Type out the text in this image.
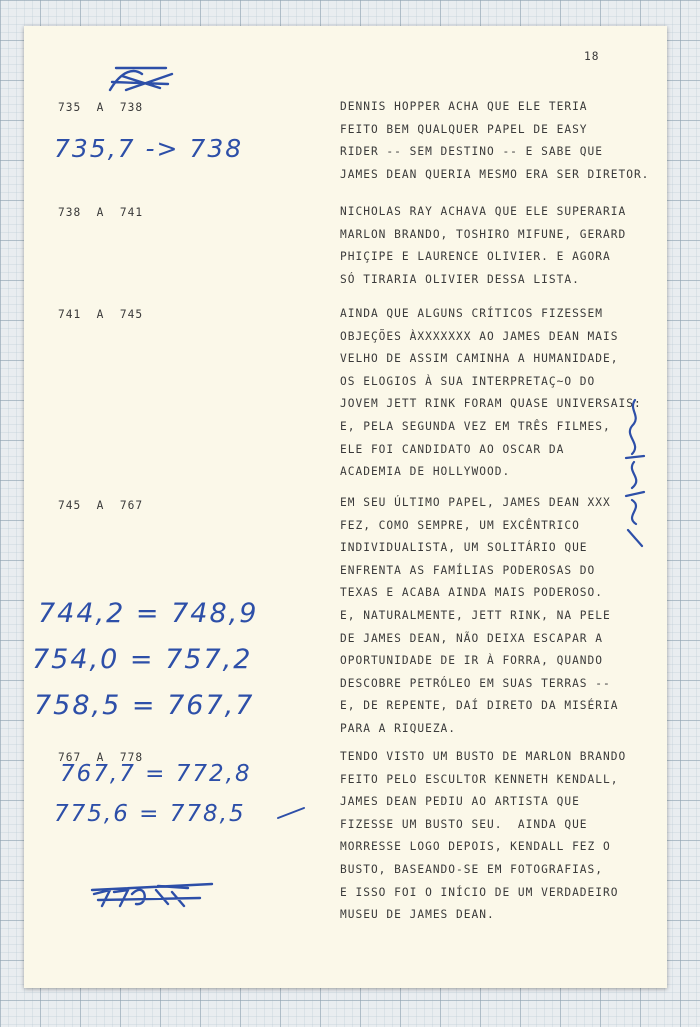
18
735  A  738	DENNIS HOPPER ACHA QUE ELE TERIA
FEITO BEM QUALQUER PAPEL DE EASY
RIDER -- SEM DESTINO -- E SABE QUE
JAMES DEAN QUERIA MESMO ERA SER DIRETOR.
738  A  741	NICHOLAS RAY ACHAVA QUE ELE SUPERARIA
MARLON BRANDO, TOSHIRO MIFUNE, GERARD
PHIÇIPE E LAURENCE OLIVIER. E AGORA
SÓ TIRARIA OLIVIER DESSA LISTA.
741  A  745	AINDA QUE ALGUNS CRÍTICOS FIZESSEM
OBJEÇÕES ÀXXXXXXX AO JAMES DEAN MAIS
VELHO DE ASSIM CAMINHA A HUMANIDADE,
OS ELOGIOS À SUA INTERPRETAÇ~O DO
JOVEM JETT RINK FORAM QUASE UNIVERSAIS:
E, PELA SEGUNDA VEZ EM TRÊS FILMES,
ELE FOI CANDIDATO AO OSCAR DA
ACADEMIA DE HOLLYWOOD.
745  A  767	EM SEU ÚLTIMO PAPEL, JAMES DEAN XXX
FEZ, COMO SEMPRE, UM EXCÊNTRICO
INDIVIDUALISTA, UM SOLITÁRIO QUE
ENFRENTA AS FAMÍLIAS PODEROSAS DO
TEXAS E ACABA AINDA MAIS PODEROSO.
E, NATURALMENTE, JETT RINK, NA PELE
DE JAMES DEAN, NÃO DEIXA ESCAPAR A
OPORTUNIDADE DE IR À FORRA, QUANDO
DESCOBRE PETRÓLEO EM SUAS TERRAS --
E, DE REPENTE, DAÍ DIRETO DA MISÉRIA
PARA A RIQUEZA.
767  A  778	TENDO VISTO UM BUSTO DE MARLON BRANDO
FEITO PELO ESCULTOR KENNETH KENDALL,
JAMES DEAN PEDIU AO ARTISTA QUE
FIZESSE UM BUSTO SEU.  AINDA QUE
MORRESSE LOGO DEPOIS, KENDALL FEZ O
BUSTO, BASEANDO-SE EM FOTOGRAFIAS,
E ISSO FOI O INÍCIO DE UM VERDADEIRO
MUSEU DE JAMES DEAN.
735,7 -> 738
744,2 = 748,9
754,0 = 757,2
758,5 = 767,7
767,7 = 772,8
775,6 = 778,5
